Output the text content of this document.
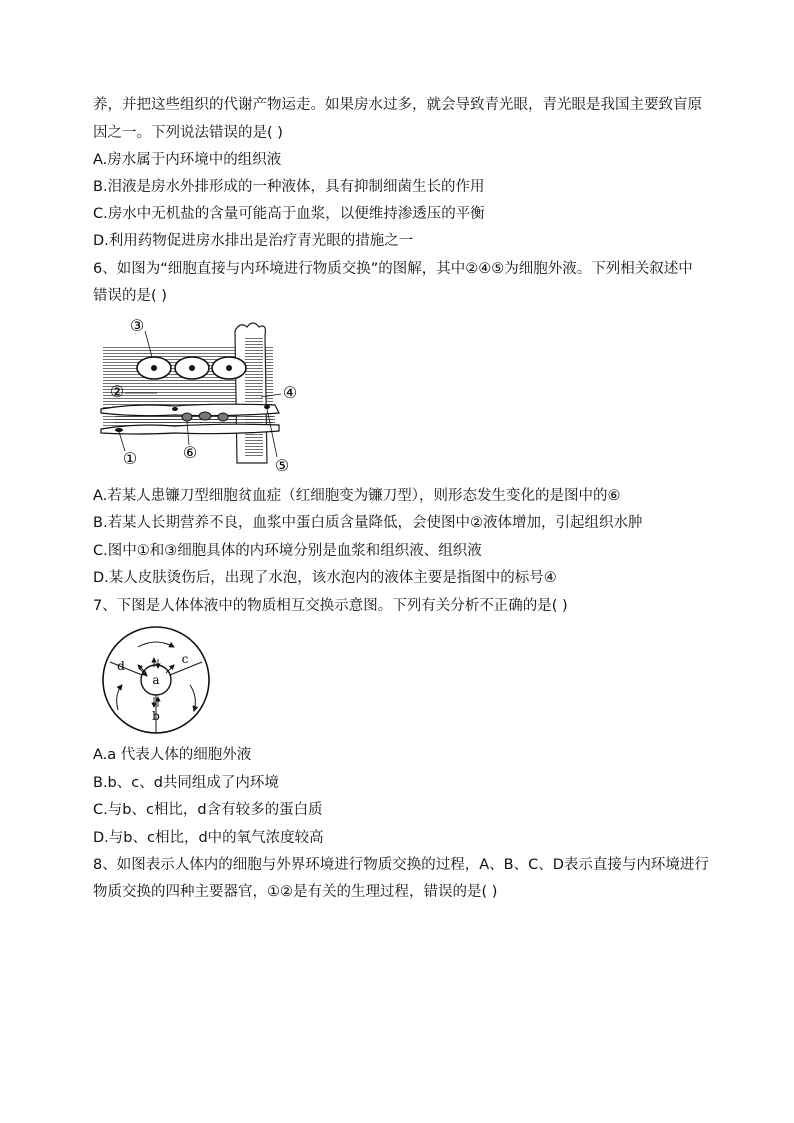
养，并把这些组织的代谢产物运走。如果房水过多，就会导致青光眼，青光眼是我国主要致盲原
因之一。下列说法错误的是( )
A.房水属于内环境中的组织液
B.泪液是房水外排形成的一种液体，具有抑制细菌生长的作用
C.房水中无机盐的含量可能高于血浆，以便维持渗透压的平衡
D.利用药物促进房水排出是治疗青光眼的措施之一
6、如图为“细胞直接与内环境进行物质交换”的图解，其中②④⑤为细胞外液。下列相关叙述中
错误的是( )
③
②	④
①	⑥
⑤
A.若某人患镰刀型细胞贫血症（红细胞变为镰刀型），则形态发生变化的是图中的⑥
B.若某人长期营养不良，血浆中蛋白质含量降低，会使图中②液体增加，引起组织水肿
C.图中①和③细胞具体的内环境分别是血浆和组织液、组织液
D.某人皮肤烫伤后，出现了水泡，该水泡内的液体主要是指图中的标号④
7、下图是人体体液中的物质相互交换示意图。下列有关分析不正确的是( )
a
b
c
d
A.a 代表人体的细胞外液
B.b、c、d共同组成了内环境
C.与b、c相比，d含有较多的蛋白质
D.与b、c相比，d中的氧气浓度较高
8、如图表示人体内的细胞与外界环境进行物质交换的过程，A、B、C、D表示直接与内环境进行
物质交换的四种主要器官，①②是有关的生理过程，错误的是( )
